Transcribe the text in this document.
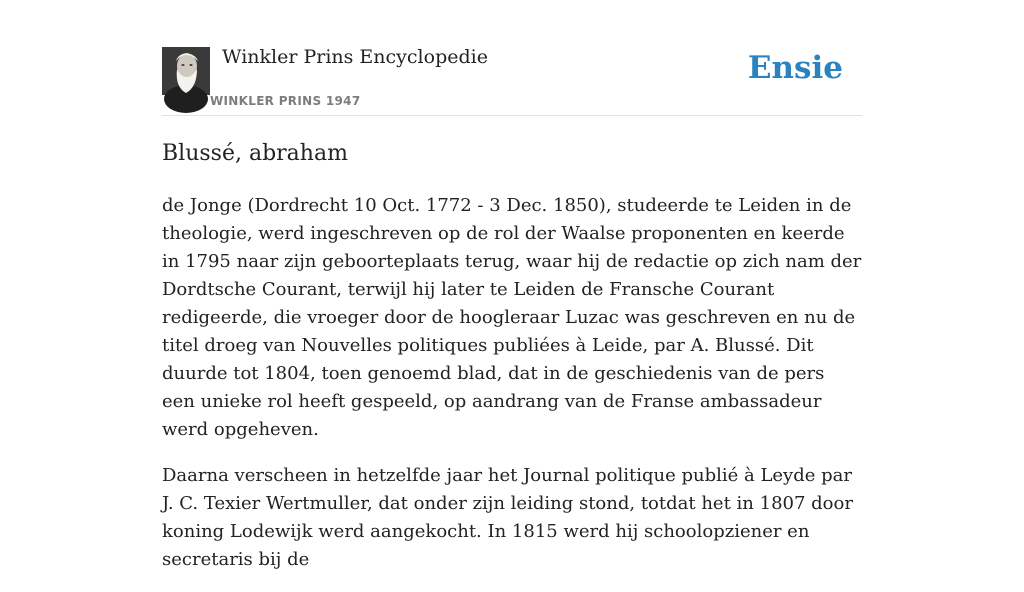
Winkler Prins Encyclopedie
WINKLER PRINS 1947
Ensie
Blussé, abraham

de Jonge (Dordrecht 10 Oct. 1772 - 3 Dec. 1850), studeerde te Leiden in de theologie, werd ingeschreven op de rol der Waalse proponenten en keerde in 1795 naar zijn geboorteplaats terug, waar hij de redactie op zich nam der Dordtsche Courant, terwijl hij later te Leiden de Fransche Courant redigeerde, die vroeger door de hoogleraar Luzac was geschreven en nu de titel droeg van Nouvelles politiques publiées à Leide, par A. Blussé. Dit duurde tot 1804, toen genoemd blad, dat in de geschiedenis van de pers een unieke rol heeft gespeeld, op aandrang van de Franse ambassadeur werd opgeheven.

Daarna verscheen in hetzelfde jaar het Journal politique publié à Leyde par J. C. Texier Wertmuller, dat onder zijn leiding stond, totdat het in 1807 door koning Lodewijk werd aangekocht. In 1815 werd hij schoolopziener en secretaris bij de
